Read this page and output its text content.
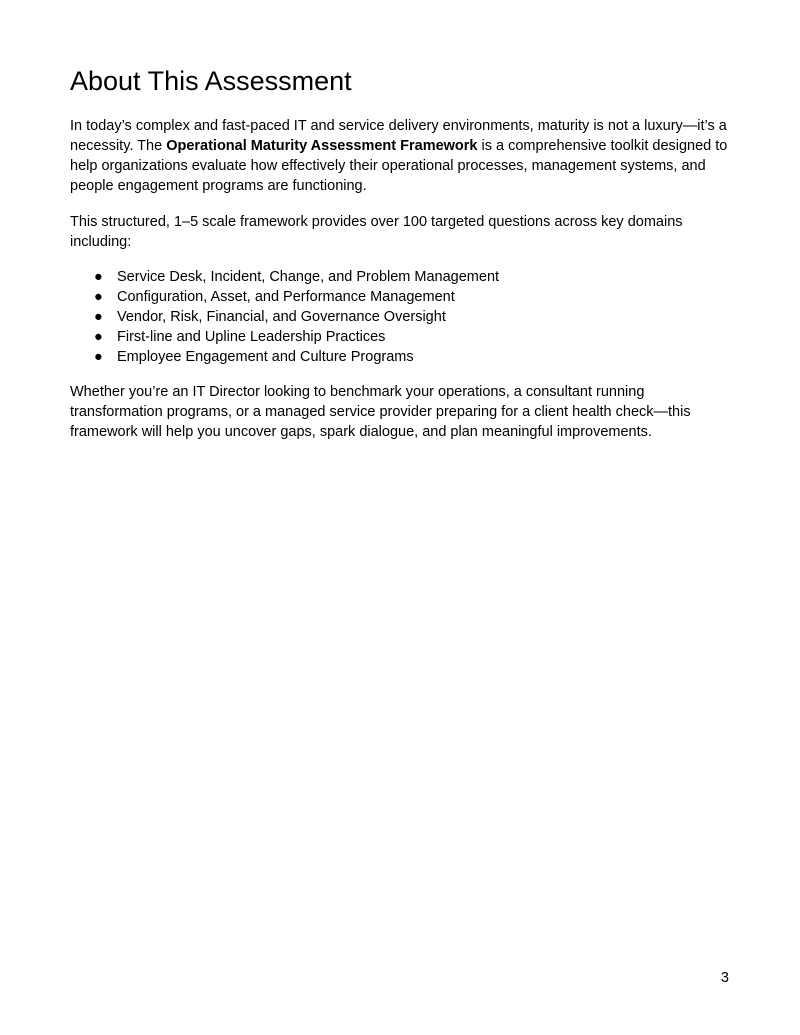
About This Assessment

In today’s complex and fast-paced IT and service delivery environments, maturity is not a luxury—it’s a necessity. The Operational Maturity Assessment Framework is a comprehensive toolkit designed to help organizations evaluate how effectively their operational processes, management systems, and people engagement programs are functioning.

This structured, 1–5 scale framework provides over 100 targeted questions across key domains including:

● Service Desk, Incident, Change, and Problem Management
● Configuration, Asset, and Performance Management
● Vendor, Risk, Financial, and Governance Oversight
● First-line and Upline Leadership Practices
● Employee Engagement and Culture Programs

Whether you’re an IT Director looking to benchmark your operations, a consultant running transformation programs, or a managed service provider preparing for a client health check—this framework will help you uncover gaps, spark dialogue, and plan meaningful improvements.

3
